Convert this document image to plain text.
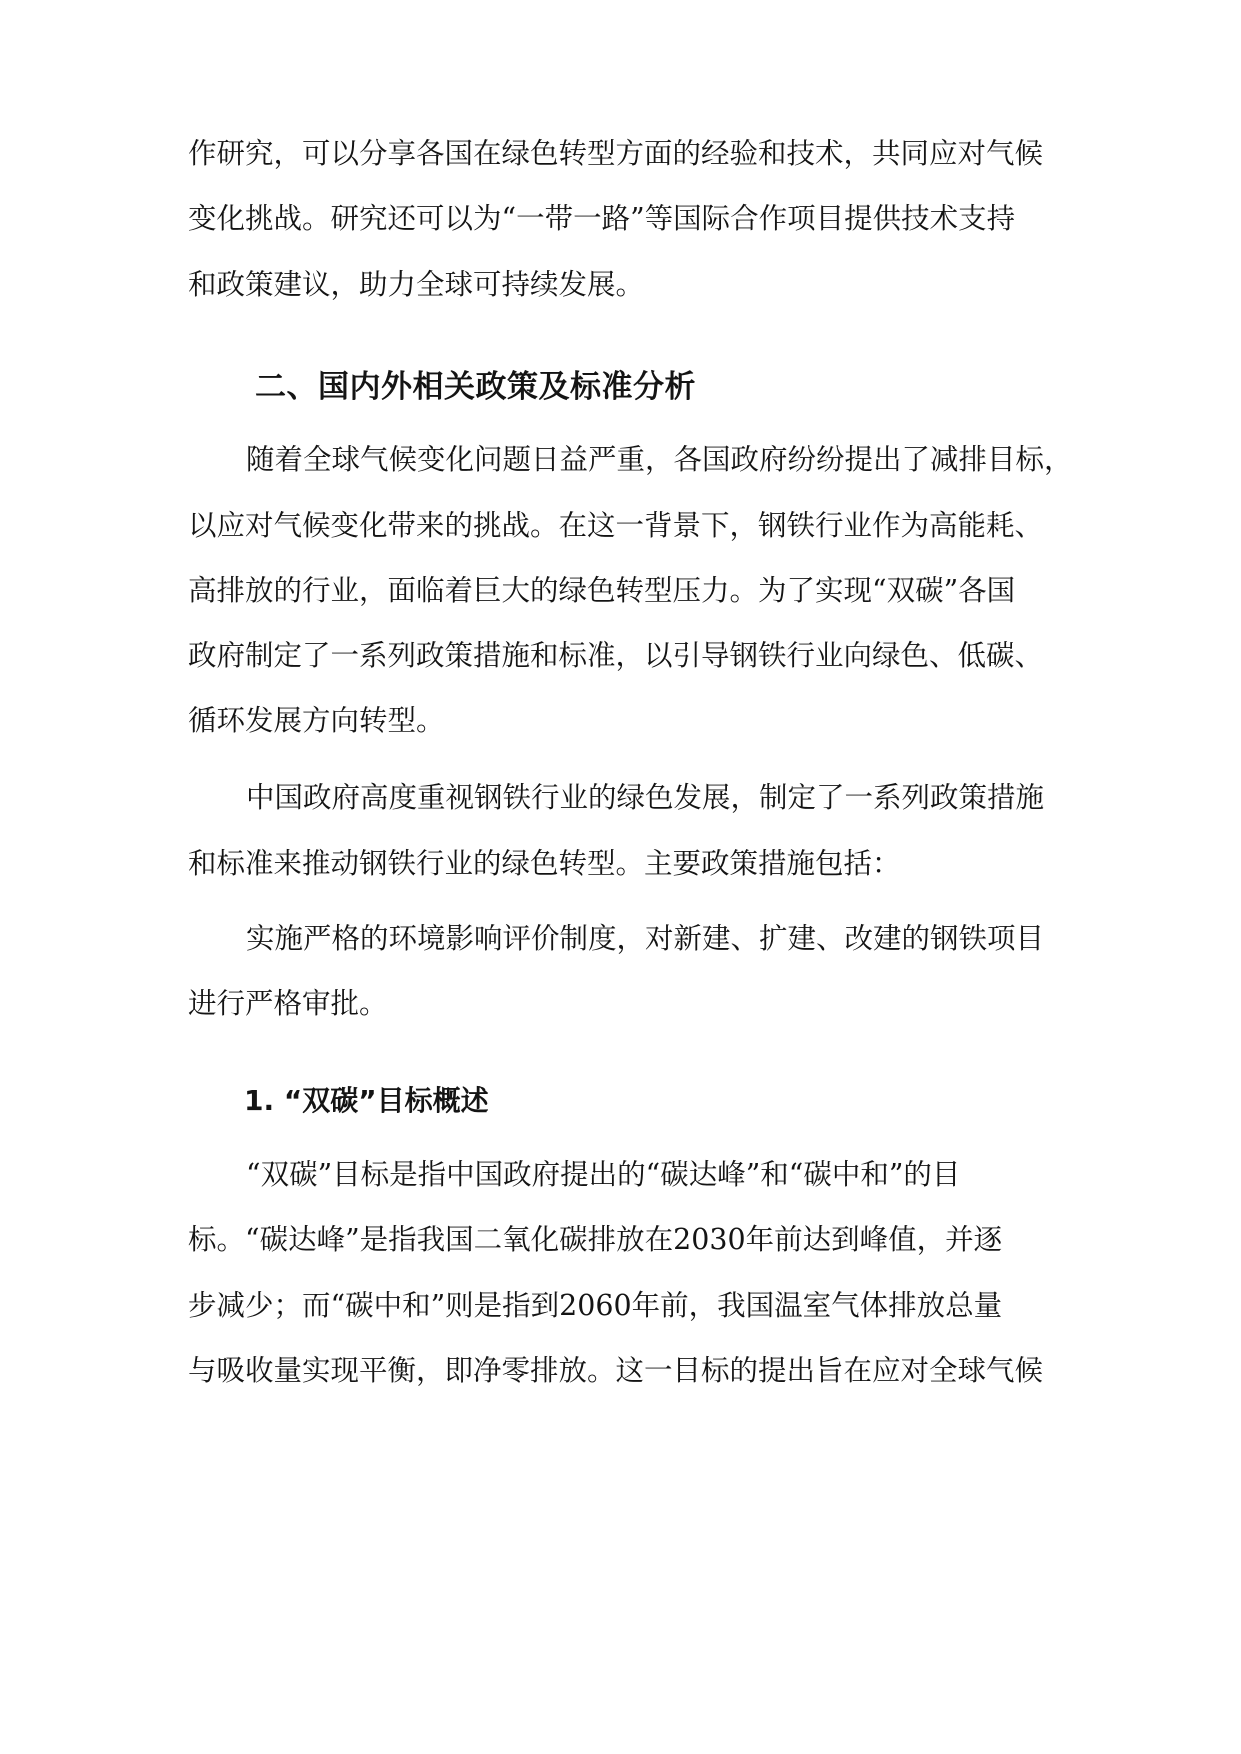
作研究，可以分享各国在绿色转型方面的经验和技术，共同应对气候

变化挑战。研究还可以为“一带一路”等国际合作项目提供技术支持

和政策建议，助力全球可持续发展。

二、国内外相关政策及标准分析

随着全球气候变化问题日益严重，各国政府纷纷提出了减排目标，

以应对气候变化带来的挑战。在这一背景下，钢铁行业作为高能耗、

高排放的行业，面临着巨大的绿色转型压力。为了实现“双碳”各国

政府制定了一系列政策措施和标准，以引导钢铁行业向绿色、低碳、

循环发展方向转型。

中国政府高度重视钢铁行业的绿色发展，制定了一系列政策措施

和标准来推动钢铁行业的绿色转型。主要政策措施包括：

实施严格的环境影响评价制度，对新建、扩建、改建的钢铁项目

进行严格审批。

1. “双碳”目标概述

“双碳”目标是指中国政府提出的“碳达峰”和“碳中和”的目

标。“碳达峰”是指我国二氧化碳排放在2030年前达到峰值，并逐

步减少；而“碳中和”则是指到2060年前，我国温室气体排放总量

与吸收量实现平衡，即净零排放。这一目标的提出旨在应对全球气候
